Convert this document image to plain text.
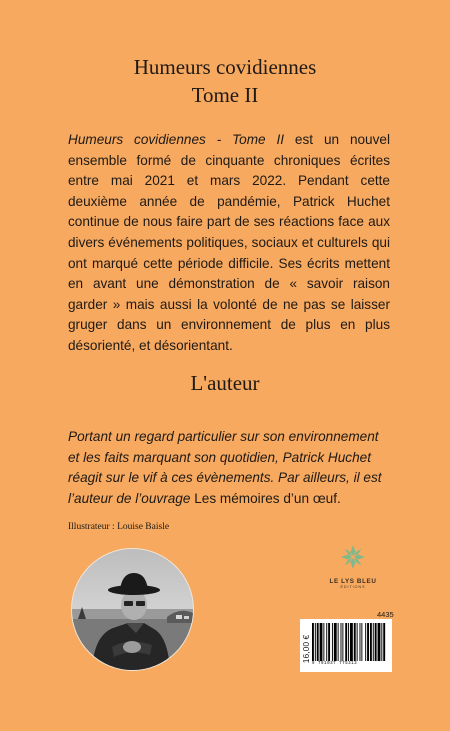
Humeurs covidiennes
Tome II

Humeurs covidiennes - Tome II est un nouvel ensemble formé de cinquante chroniques écrites entre mai 2021 et mars 2022. Pendant cette deuxième année de pandémie, Patrick Huchet continue de nous faire part de ses réactions face aux divers événements politiques, sociaux et culturels qui ont marqué cette période difficile. Ses écrits mettent en avant une démonstration de « savoir raison garder » mais aussi la volonté de ne pas se laisser gruger dans un environnement de plus en plus désorienté, et désorientant.

L'auteur

Portant un regard particulier sur son environnement et les faits marquant son quotidien, Patrick Huchet réagit sur le vif à ces évènements. Par ailleurs, il est l’auteur de l’ouvrage Les mémoires d’un œuf.

Illustrateur : Louise Baisle
LE LYS BLEU
ÉDITIONS
4435
16,00 €
9 791037 775313
